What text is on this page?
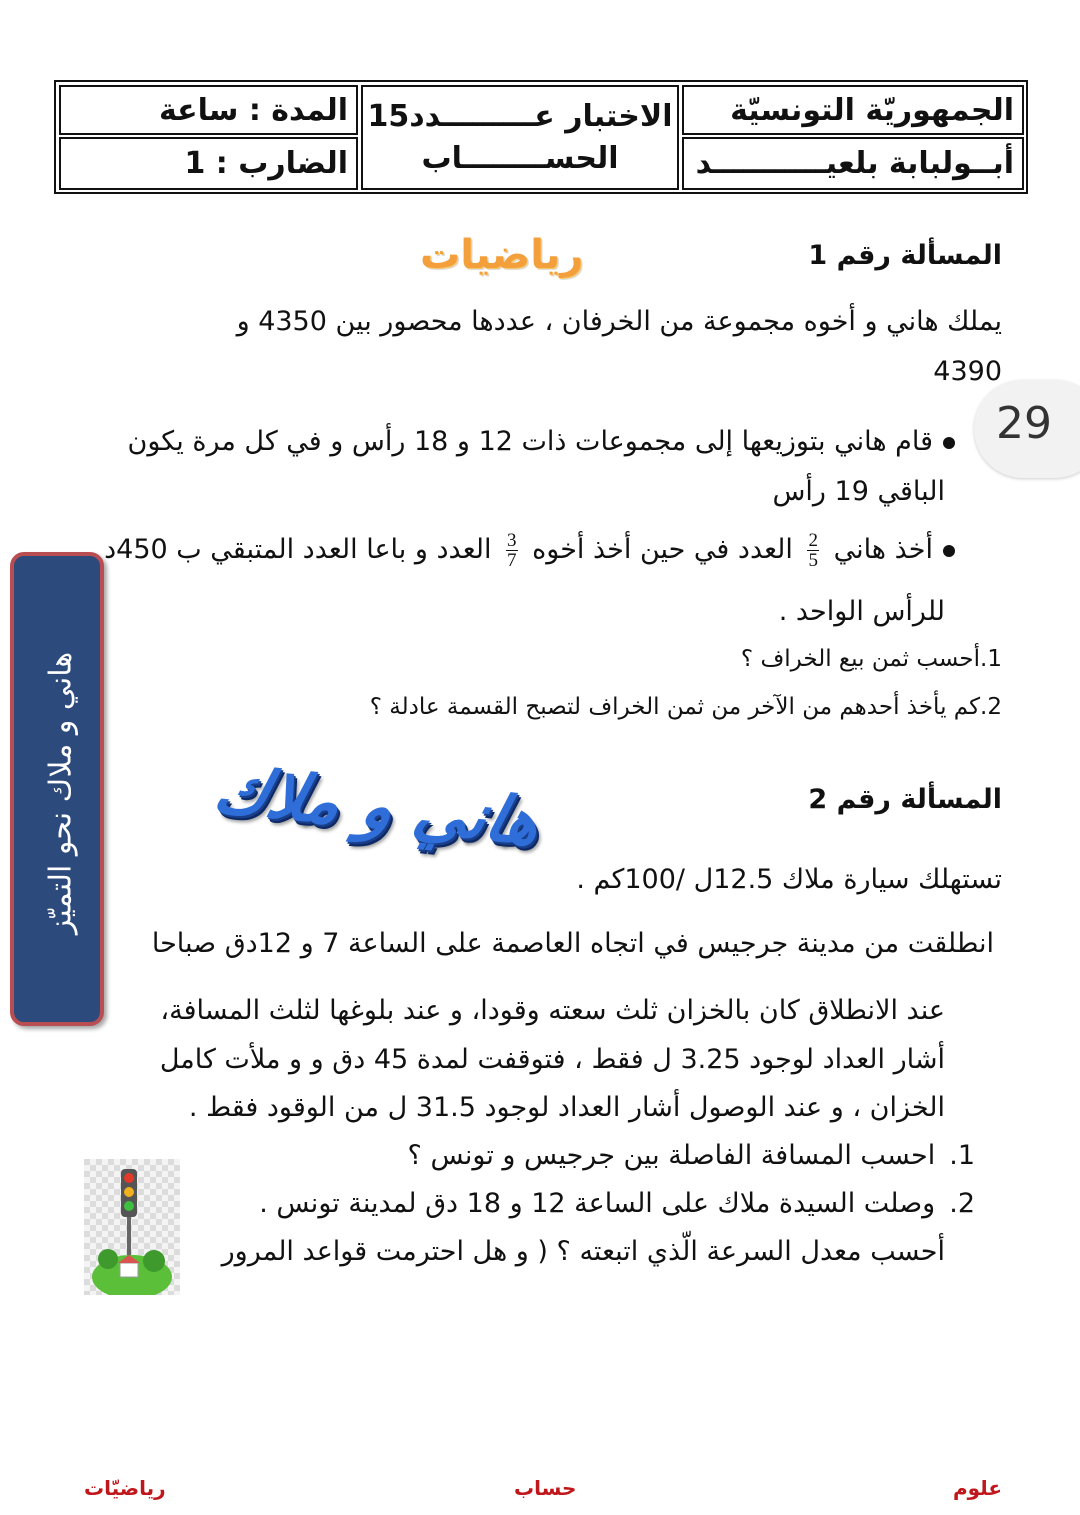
الجمهوريّة التونسيّة
أبــولبابة بلعيـــــــــــد
الاختبار عـــــــــدد15
الحســــــــاب
المدة : ساعة
الضارب : 1
29
هاني و ملاك نحو التميّز
رياضيات	المسألة رقم 1
يملك هاني و أخوه مجموعة من الخرفان ، عددها محصور بين 4350 و
4390
قام هاني بتوزيعها إلى مجموعات ذات 12 و 18 رأس و في كل مرة يكون
الباقي 19 رأس
أخذ هاني
$\frac{2}{5}$
العدد في حين أخذ أخوه
$\frac{3}{7}$
العدد و باعا العدد المتبقي ب 450د
للرأس الواحد .
1.أحسب ثمن بيع الخراف ؟
2.كم يأخذ أحدهم من الآخر من ثمن الخراف لتصبح القسمة عادلة ؟
هاني و ملاك	المسألة رقم 2
تستهلك سيارة ملاك 12.5ل /100كم .
انطلقت من مدينة جرجيس في اتجاه العاصمة على الساعة 7 و 12دق صباحا
عند الانطلاق كان بالخزان ثلث سعته وقودا، و عند بلوغها لثلث المسافة،
أشار العداد لوجود 3.25 ل فقط ، فتوقفت لمدة 45 دق و و ملأت كامل
الخزان ، و عند الوصول أشار العداد لوجود 31.5 ل من الوقود فقط .
1.احسب المسافة الفاصلة بين جرجيس و تونس ؟
2.وصلت السيدة ملاك على الساعة 12 و 18 دق لمدينة تونس .
أحسب معدل السرعة الّذي اتبعته ؟ ( و هل احترمت قواعد المرور
علوم
حساب
رياضيّات
